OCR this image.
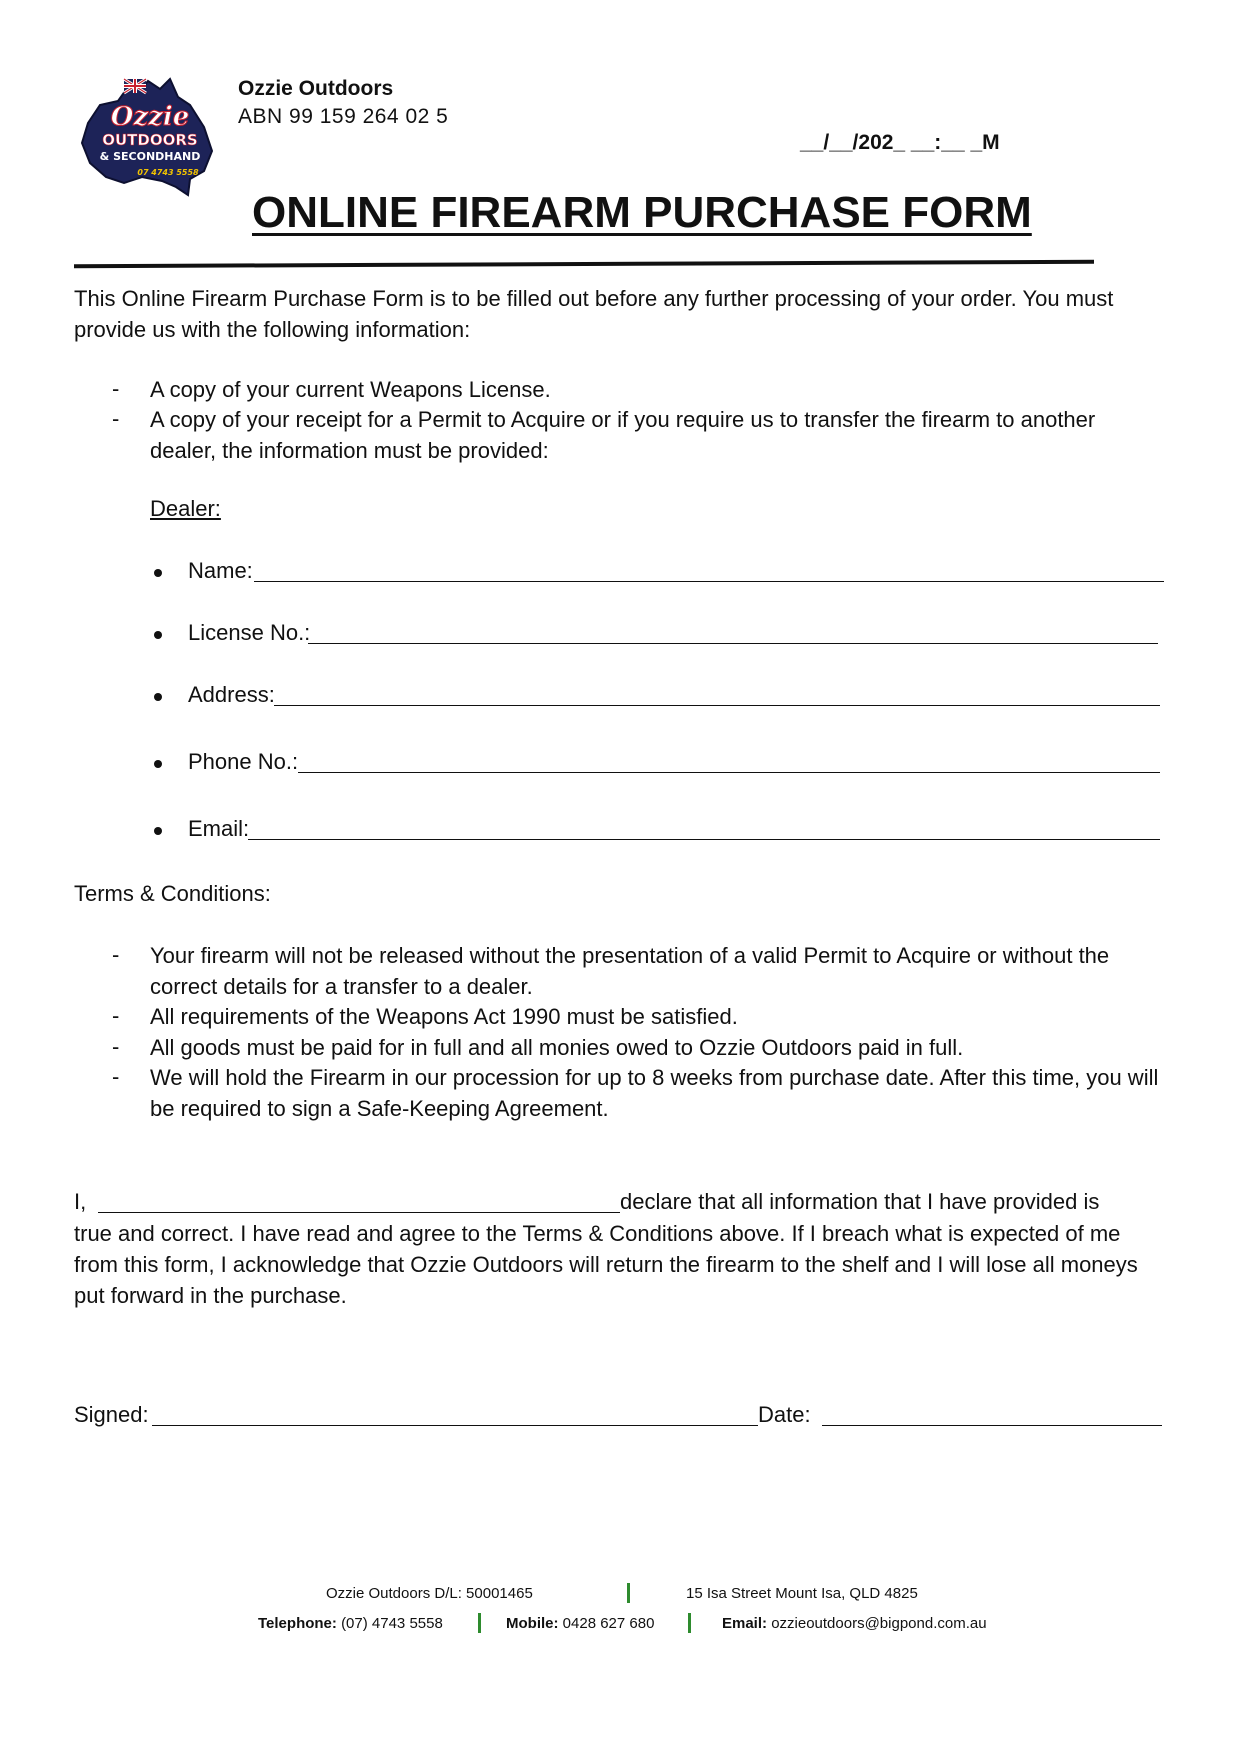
Ozzie
OUTDOORS
& SECONDHAND
07 4743 5558
Ozzie Outdoors
ABN 99 159 264 02 5
__/__/202_ __:__ _M
ONLINE FIREARM PURCHASE FORM
This Online Firearm Purchase Form is to be filled out before any further processing of your order. You must provide us with the following information:
- A copy of your current Weapons License.
- A copy of your receipt for a Permit to Acquire or if you require us to transfer the firearm to another dealer, the information must be provided:
Dealer:
Name:
License No.:
Address:
Phone No.:
Email:
Terms & Conditions:
- Your firearm will not be released without the presentation of a valid Permit to Acquire or without the correct details for a transfer to a dealer.
- All requirements of the Weapons Act 1990 must be satisfied.
- All goods must be paid for in full and all monies owed to Ozzie Outdoors paid in full.
- We will hold the Firearm in our procession for up to 8 weeks from purchase date. After this time, you will be required to sign a Safe-Keeping Agreement.
I,	declare that all information that I have provided is
true and correct. I have read and agree to the Terms & Conditions above. If I breach what is expected of me from this form, I acknowledge that Ozzie Outdoors will return the firearm to the shelf and I will lose all moneys put forward in the purchase.
Signed:	Date:
Ozzie Outdoors D/L: 50001465	15 Isa Street Mount Isa, QLD 4825
Telephone: (07) 4743 5558	Mobile: 0428 627 680	Email: ozzieoutdoors@bigpond.com.au
